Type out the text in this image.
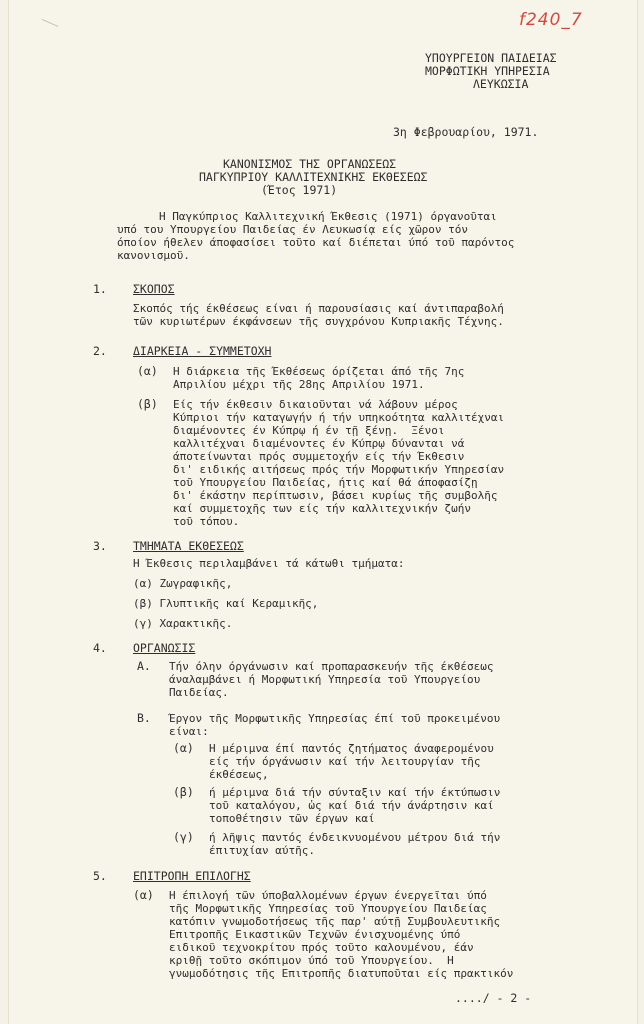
f240_7
ΥΠΟΥΡΓΕΙΟΝ ΠΑΙΔΕΙΑΣ
ΜΟΡΦΩΤΙΚΗ ΥΠΗΡΕΣΙΑ
ΛΕΥΚΩΣΙΑ
3η Φεβρουαρίου, 1971.
ΚΑΝΟΝΙΣΜΟΣ ΤΗΣ ΟΡΓΑΝΩΣΕΩΣ
ΠΑΓΚΥΠΡΙΟΥ ΚΑΛΛΙΤΕΧΝΙΚΗΣ ΕΚΘΕΣΕΩΣ
(Έτος 1971)
Η Παγκύπριος Καλλιτεχνική Έκθεσις (1971) όργανοῦται
υπό του Υπουργείου Παιδείας έν Λευκωσίᾳ είς χῶρον τόν
όποίον ήθελεν άποφασίσει τοῦτο καί διέπεται ύπό τοῦ παρόντος
κανονισμοῦ.
1. ΣΚΟΠΟΣ
Σκοπός τής έκθέσεως είναι ή παρουσίασις καί άντιπαραβολή
τῶν κυριωτέρων έκφάνσεων τῆς συγχρόνου Κυπριακῆς Τέχνης.
2. ΔΙΑΡΚΕΙΑ - ΣΥΜΜΕΤΟΧΗ
(α) Η διάρκεια τῆς Έκθέσεως όρίζεται άπό τῆς 7ης
Απριλίου μέχρι τῆς 28ης Απριλίου 1971.
(β) Είς τήν έκθεσιν δικαιοῦνται νά λάβουν μέρος
Κύπριοι τήν καταγωγήν ή τήν υπηκοότητα καλλιτέχναι
διαμένοντες έν Κύπρῳ ή έν τῇ ξένῃ.  Ξένοι
καλλιτέχναι διαμένοντες έν Κύπρῳ δύνανται νά
άποτείνωνται πρός συμμετοχήν είς τήν Έκθεσιν
δι' ειδικής αιτήσεως πρός τήν Μορφωτικήν Υπηρεσίαν
τοῦ Υπουργείου Παιδείας, ήτις καί θά άποφασίζῃ
δι' έκάστην περίπτωσιν, βάσει κυρίως τῆς συμβολῆς
καί συμμετοχῆς των είς τήν καλλιτεχνικήν ζωήν
τοῦ τόπου.
3. ΤΜΗΜΑΤΑ ΕΚΘΕΣΕΩΣ
Η Έκθεσις περιλαμβάνει τά κάτωθι τμήματα:
(α) Ζωγραφικῆς,
(β) Γλυπτικῆς καί Κεραμικῆς,
(γ) Χαρακτικῆς.
4. ΟΡΓΑΝΩΣΙΣ
Α. Τήν όλην όργάνωσιν καί προπαρασκευήν τῆς έκθέσεως
άναλαμβάνει ή Μορφωτική Υπηρεσία τοῦ Υπουργείου
Παιδείας.
Β. Έργον τῆς Μορφωτικῆς Υπηρεσίας έπί τοῦ προκειμένου
είναι:
(α) Η μέριμνα έπί παντός ζητήματος άναφερομένου
είς τήν όργάνωσιν καί τήν λειτουργίαν τῆς
έκθέσεως,
(β) ή μέριμνα διά τήν σύνταξιν καί τήν έκτύπωσιν
τοῦ καταλόγου, ὡς καί διά τήν άνάρτησιν καί
τοποθέτησιν τῶν έργων καί
(γ) ή λῆψις παντός ένδεικνυομένου μέτρου διά τήν
έπιτυχίαν αύτῆς.
5. ΕΠΙΤΡΟΠΗ ΕΠΙΛΟΓΗΣ
(α) Η έπιλογή τῶν ύποβαλλομένων έργων ένεργεῖται ύπό
τῆς Μορφωτικῆς Υπηρεσίας τοῦ Υπουργείου Παιδείας
κατόπιν γνωμοδοτήσεως τῆς παρ' αύτῇ Συμβουλευτικῆς
Επιτροπῆς Εικαστικῶν Τεχνῶν ένισχυομένης ύπό
ειδικοῦ τεχνοκρίτου πρός τοῦτο καλουμένου, έάν
κριθῇ τοῦτο σκόπιμον ύπό τοῦ Υπουργείου.  Η
γνωμοδότησις τῆς Επιτροπῆς διατυποῦται είς πρακτικόν
..../ - 2 -
